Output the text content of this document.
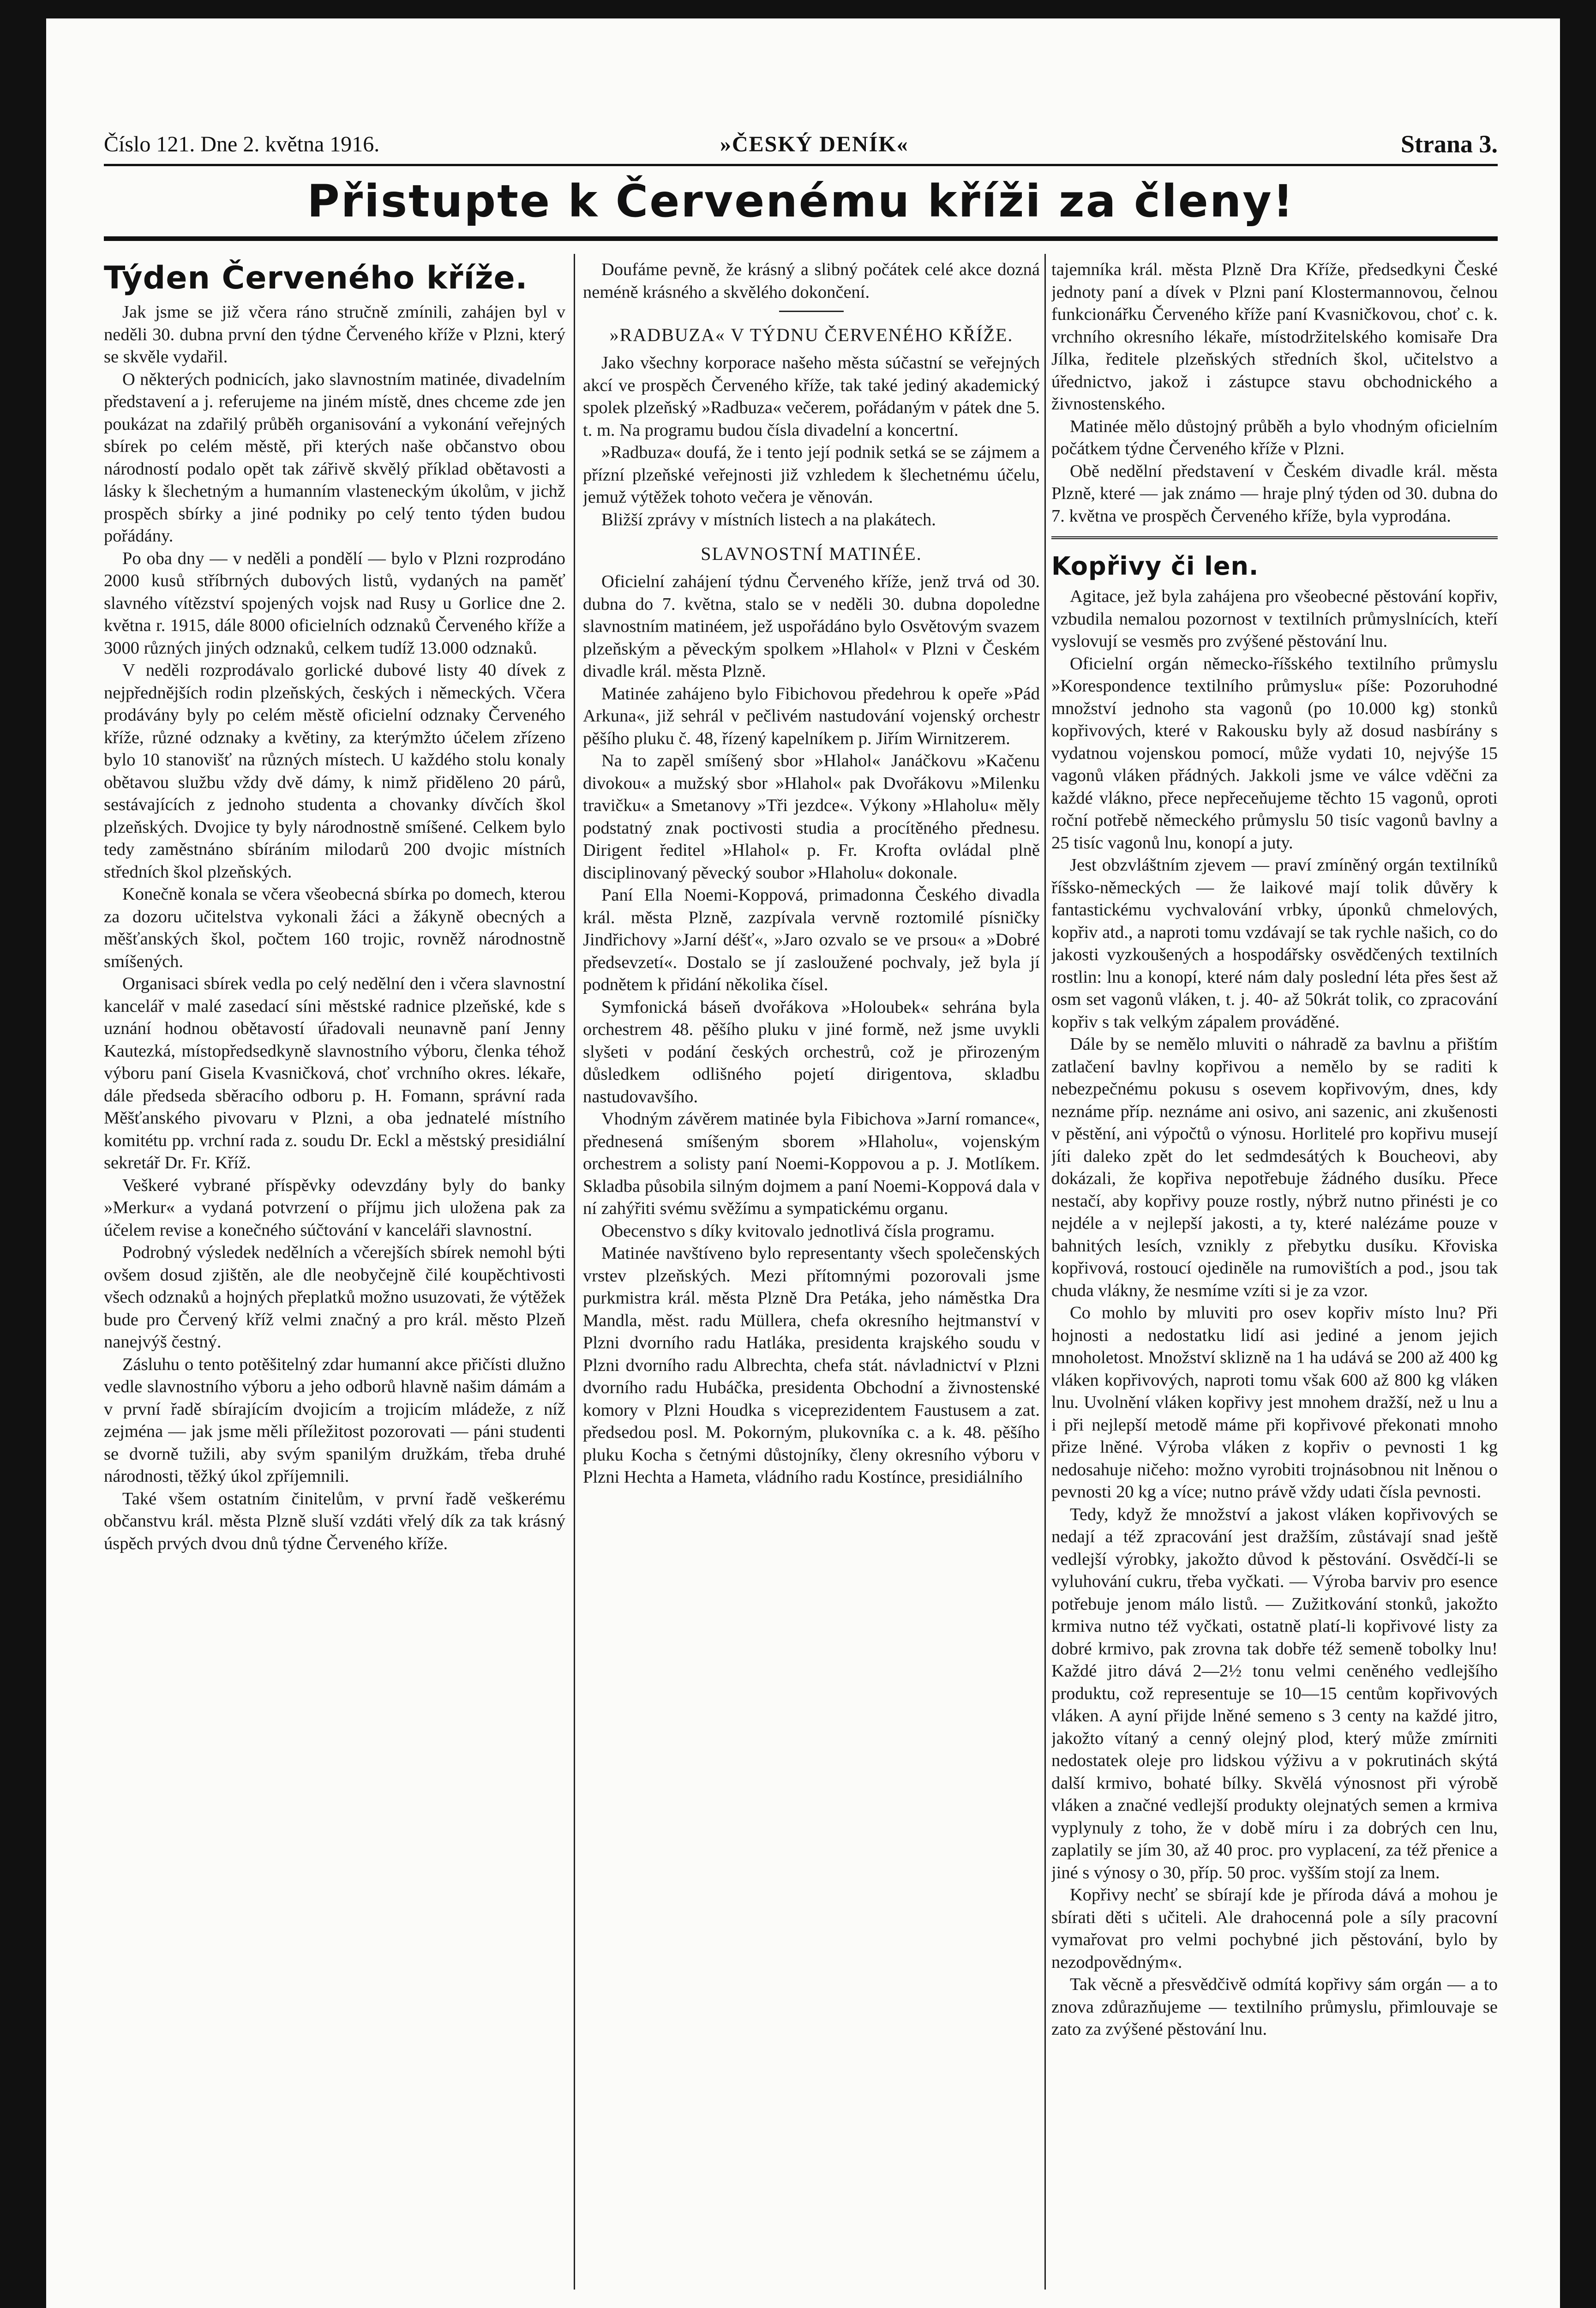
Číslo 121. Dne 2. května 1916.	»ČESKÝ DENÍK«	Strana 3.
Přistupte k Červenému kříži za členy!
Týden Červeného kříže.

Jak jsme se již včera ráno stručně zmínili, zahájen byl v neděli 30. dubna první den týdne Červeného kříže v Plzni, který se skvěle vydařil.

O některých podnicích, jako slavnostním matinée, divadelním představení a j. referujeme na jiném místě, dnes chceme zde jen poukázat na zdařilý průběh organisování a vykonání veřejných sbírek po celém městě, při kterých naše občanstvo obou národností podalo opět tak zářivě skvělý příklad obětavosti a lásky k šlechetným a humanním vlasteneckým úkolům, v jichž prospěch sbírky a jiné podniky po celý tento týden budou pořádány.

Po oba dny — v neděli a pondělí — bylo v Plzni rozprodáno 2000 kusů stříbrných dubových listů, vydaných na paměť slavného vítězství spojených vojsk nad Rusy u Gorlice dne 2. května r. 1915, dále 8000 oficielních odznaků Červeného kříže a 3000 různých jiných odznaků, celkem tudíž 13.000 odznaků.

V neděli rozprodávalo gorlické dubové listy 40 dívek z nejpřednějších rodin plzeňských, českých i německých. Včera prodávány byly po celém městě oficielní odznaky Červeného kříže, různé odznaky a květiny, za kterýmžto účelem zřízeno bylo 10 stanovišť na různých místech. U každého stolu konaly obětavou službu vždy dvě dámy, k nimž přiděleno 20 párů, sestávajících z jednoho studenta a chovanky dívčích škol plzeňských. Dvojice ty byly národnostně smíšené. Celkem bylo tedy zaměstnáno sbíráním milodarů 200 dvojic místních středních škol plzeňských.

Konečně konala se včera všeobecná sbírka po domech, kterou za dozoru učitelstva vykonali žáci a žákyně obecných a měšťanských škol, počtem 160 trojic, rovněž národnostně smíšených.

Organisaci sbírek vedla po celý nedělní den i včera slavnostní kancelář v malé zasedací síni městské radnice plzeňské, kde s uznání hodnou obětavostí úřadovali neunavně paní Jenny Kautezká, místopředsedkyně slavnostního výboru, členka téhož výboru paní Gisela Kvasničková, choť vrchního okres. lékaře, dále předseda sběracího odboru p. H. Fomann, správní rada Měšťanského pivovaru v Plzni, a oba jednatelé místního komitétu pp. vrchní rada z. soudu Dr. Eckl a městský presidiální sekretář Dr. Fr. Kříž.

Veškeré vybrané příspěvky odevzdány byly do banky »Merkur« a vydaná potvrzení o příjmu jich uložena pak za účelem revise a konečného súčtování v kanceláři slavnostní.

Podrobný výsledek nedělních a včerejších sbírek nemohl býti ovšem dosud zjištěn, ale dle neobyčejně čilé koupěchtivosti všech odznaků a hojných přeplatků možno usuzovati, že výtěžek bude pro Červený kříž velmi značný a pro král. město Plzeň nanejvýš čestný.

Zásluhu o tento potěšitelný zdar humanní akce přičísti dlužno vedle slavnostního výboru a jeho odborů hlavně našim dámám a v první řadě sbírajícím dvojicím a trojicím mládeže, z níž zejména — jak jsme měli příležitost pozorovati — páni studenti se dvorně tužili, aby svým spanilým družkám, třeba druhé národnosti, těžký úkol zpříjemnili.

Také všem ostatním činitelům, v první řadě veškerému občanstvu král. města Plzně sluší vzdáti vřelý dík za tak krásný úspěch prvých dvou dnů týdne Červeného kříže.

Doufáme pevně, že krásný a slibný počátek celé akce dozná neméně krásného a skvělého dokončení.

»RADBUZA« V TÝDNU ČERVENÉHO KŘÍŽE.

Jako všechny korporace našeho města súčastní se veřejných akcí ve prospěch Červeného kříže, tak také jediný akademický spolek plzeňský »Radbuza« večerem, pořádaným v pátek dne 5. t. m. Na programu budou čísla divadelní a koncertní.

»Radbuza« doufá, že i tento její podnik setká se se zájmem a přízní plzeňské veřejnosti již vzhledem k šlechetnému účelu, jemuž výtěžek tohoto večera je věnován.

Bližší zprávy v místních listech a na plakátech.

SLAVNOSTNÍ MATINÉE.

Oficielní zahájení týdnu Červeného kříže, jenž trvá od 30. dubna do 7. května, stalo se v neděli 30. dubna dopoledne slavnostním matinéem, jež uspořádáno bylo Osvětovým svazem plzeňským a pěveckým spolkem »Hlahol« v Plzni v Českém divadle král. města Plzně.

Matinée zahájeno bylo Fibichovou předehrou k opeře »Pád Arkuna«, již sehrál v pečlivém nastudování vojenský orchestr pěšího pluku č. 48, řízený kapelníkem p. Jiřím Wirnitzerem.

Na to zapěl smíšený sbor »Hlahol« Janáčkovu »Kačenu divokou« a mužský sbor »Hlahol« pak Dvořákovu »Milenku travičku« a Smetanovy »Tři jezdce«. Výkony »Hlaholu« měly podstatný znak poctivosti studia a procítěného přednesu. Dirigent ředitel »Hlahol« p. Fr. Krofta ovládal plně disciplinovaný pěvecký soubor »Hlaholu« dokonale.

Paní Ella Noemi-Koppová, primadonna Českého divadla král. města Plzně, zazpívala vervně roztomilé písničky Jindřichovy »Jarní déšť«, »Jaro ozvalo se ve prsou« a »Dobré předsevzetí«. Dostalo se jí zasloužené pochvaly, jež byla jí podnětem k přidání několika čísel.

Symfonická báseň dvořákova »Holoubek« sehrána byla orchestrem 48. pěšího pluku v jiné formě, než jsme uvykli slyšeti v podání českých orchestrů, což je přirozeným důsledkem odlišného pojetí dirigentova, skladbu nastudovavšího.

Vhodným závěrem matinée byla Fibichova »Jarní romance«, přednesená smíšeným sborem »Hlaholu«, vojenským orchestrem a solisty paní Noemi-Koppovou a p. J. Motlíkem. Skladba působila silným dojmem a paní Noemi-Koppová dala v ní zahýřiti svému svěžímu a sympatickému organu.

Obecenstvo s díky kvitovalo jednotlivá čísla programu.

Matinée navštíveno bylo representanty všech společenských vrstev plzeňských. Mezi přítomnými pozorovali jsme purkmistra král. města Plzně Dra Petáka, jeho náměstka Dra Mandla, měst. radu Müllera, chefa okresního hejtmanství v Plzni dvorního radu Hatláka, presidenta krajského soudu v Plzni dvorního radu Albrechta, chefa stát. návladnictví v Plzni dvorního radu Hubáčka, presidenta Obchodní a živnostenské komory v Plzni Houdka s viceprezidentem Faustusem a zat. předsedou posl. M. Pokorným, plukovníka c. a k. 48. pěšího pluku Kocha s četnými důstojníky, členy okresního výboru v Plzni Hechta a Hameta, vládního radu Kostínce, presidiálního

tajemníka král. města Plzně Dra Kříže, předsedkyni České jednoty paní a dívek v Plzni paní Klostermannovou, čelnou funkcionářku Červeného kříže paní Kvasničkovou, choť c. k. vrchního okresního lékaře, místodržitelského komisaře Dra Jílka, ředitele plzeňských středních škol, učitelstvo a úřednictvo, jakož i zástupce stavu obchodnického a živnostenského.

Matinée mělo důstojný průběh a bylo vhodným oficielním počátkem týdne Červeného kříže v Plzni.

Obě nedělní představení v Českém divadle král. města Plzně, které — jak známo — hraje plný týden od 30. dubna do 7. května ve prospěch Červeného kříže, byla vyprodána.

Kopřivy či len.

Agitace, jež byla zahájena pro všeobecné pěstování kopřiv, vzbudila nemalou pozornost v textilních průmyslnících, kteří vyslovují se vesměs pro zvýšené pěstování lnu.

Oficielní orgán německo-říšského textilního průmyslu »Korespondence textilního průmyslu« píše: Pozoruhodné množství jednoho sta vagonů (po 10.000 kg) stonků kopřivových, které v Rakousku byly až dosud nasbírány s vydatnou vojenskou pomocí, může vydati 10, nejvýše 15 vagonů vláken přádných. Jakkoli jsme ve válce vděčni za každé vlákno, přece nepřeceňujeme těchto 15 vagonů, oproti roční potřebě německého průmyslu 50 tisíc vagonů bavlny a 25 tisíc vagonů lnu, konopí a juty.

Jest obzvláštním zjevem — praví zmíněný orgán textilníků říšsko-německých — že laikové mají tolik důvěry k fantastickému vychvalování vrbky, úponků chmelových, kopřiv atd., a naproti tomu vzdávají se tak rychle našich, co do jakosti vyzkoušených a hospodářsky osvědčených textilních rostlin: lnu a konopí, které nám daly poslední léta přes šest až osm set vagonů vláken, t. j. 40- až 50krát tolik, co zpracování kopřiv s tak velkým zápalem prováděné.

Dále by se nemělo mluviti o náhradě za bavlnu a přištím zatlačení bavlny kopřivou a nemělo by se raditi k nebezpečnému pokusu s osevem kopřivovým, dnes, kdy neznáme příp. neznáme ani osivo, ani sazenic, ani zkušenosti v pěstění, ani výpočtů o výnosu. Horlitelé pro kopřivu musejí jíti daleko zpět do let sedmdesátých k Boucheovi, aby dokázali, že kopřiva nepotřebuje žádného dusíku. Přece nestačí, aby kopřivy pouze rostly, nýbrž nutno přinésti je co nejdéle a v nejlepší jakosti, a ty, které nalézáme pouze v bahnitých lesích, vznikly z přebytku dusíku. Křoviska kopřivová, rostoucí ojediněle na rumovištích a pod., jsou tak chuda vlákny, že nesmíme vzíti si je za vzor.

Co mohlo by mluviti pro osev kopřiv místo lnu? Při hojnosti a nedostatku lidí asi jediné a jenom jejich mnoholetost. Množství sklizně na 1 ha udává se 200 až 400 kg vláken kopřivových, naproti tomu však 600 až 800 kg vláken lnu. Uvolnění vláken kopřivy jest mnohem dražší, než u lnu a i při nejlepší metodě máme při kopřivové překonati mnoho přize lněné. Výroba vláken z kopřiv o pevnosti 1 kg nedosahuje ničeho: možno vyrobiti trojnásobnou nit lněnou o pevnosti 20 kg a více; nutno právě vždy udati čísla pevnosti.

Tedy, když že množství a jakost vláken kopřivových se nedají a též zpracování jest dražším, zůstávají snad ještě vedlejší výrobky, jakožto důvod k pěstování. Osvědčí-li se vyluhování cukru, třeba vyčkati. — Výroba barviv pro esence potřebuje jenom málo listů. — Zužitkování stonků, jakožto krmiva nutno též vyčkati, ostatně platí-li kopřivové listy za dobré krmivo, pak zrovna tak dobře též semeně tobolky lnu! Každé jitro dává 2—2½ tonu velmi ceněného vedlejšího produktu, což representuje se 10—15 centům kopřivových vláken. A ayní přijde lněné semeno s 3 centy na každé jitro, jakožto vítaný a cenný olejný plod, který může zmírniti nedostatek oleje pro lidskou výživu a v pokrutinách skýtá další krmivo, bohaté bílky. Skvělá výnosnost při výrobě vláken a značné vedlejší produkty olejnatých semen a krmiva vyplynuly z toho, že v době míru i za dobrých cen lnu, zaplatily se jím 30, až 40 proc. pro vyplacení, za též přenice a jiné s výnosy o 30, příp. 50 proc. vyšším stojí za lnem.

Kopřivy nechť se sbírají kde je příroda dává a mohou je sbírati děti s učiteli. Ale drahocenná pole a síly pracovní vymařovat pro velmi pochybné jich pěstování, bylo by nezodpovědným«.

Tak věcně a přesvědčivě odmítá kopřivy sám orgán — a to znova zdůrazňujeme — textilního průmyslu, přimlouvaje se zato za zvýšené pěstování lnu.
